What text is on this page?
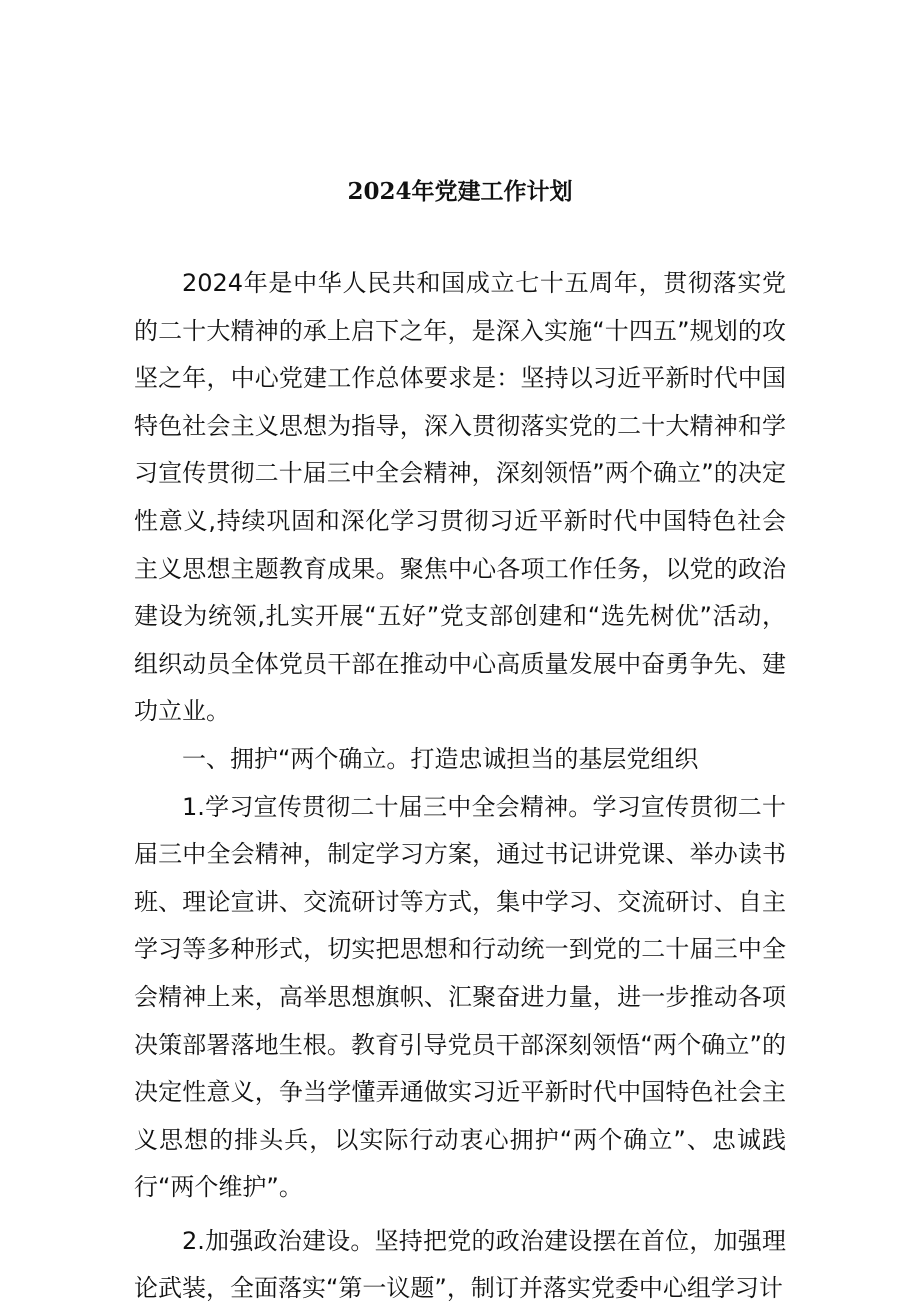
2024年党建工作计划

2024年是中华人民共和国成立七十五周年，贯彻落实党的二十大精神的承上启下之年，是深入实施“十四五”规划的攻坚之年，中心党建工作总体要求是：坚持以习近平新时代中国特色社会主义思想为指导，深入贯彻落实党的二十大精神和学习宣传贯彻二十届三中全会精神，深刻领悟”两个确立”的决定性意义,持续巩固和深化学习贯彻习近平新时代中国特色社会主义思想主题教育成果。聚焦中心各项工作任务，以党的政治建设为统领,扎实开展“五好”党支部创建和“选先树优”活动，组织动员全体党员干部在推动中心高质量发展中奋勇争先、建功立业。

一、拥护“两个确立。打造忠诚担当的基层党组织

1.学习宣传贯彻二十届三中全会精神。学习宣传贯彻二十届三中全会精神，制定学习方案，通过书记讲党课、举办读书班、理论宣讲、交流研讨等方式，集中学习、交流研讨、自主学习等多种形式，切实把思想和行动统一到党的二十届三中全会精神上来，高举思想旗帜、汇聚奋进力量，进一步推动各项决策部署落地生根。教育引导党员干部深刻领悟“两个确立”的决定性意义，争当学懂弄通做实习近平新时代中国特色社会主义思想的排头兵，以实际行动衷心拥护“两个确立”、忠诚践行“两个维护”。

2.加强政治建设。坚持把党的政治建设摆在首位，加强理论武装，全面落实“第一议题”，制订并落实党委中心组学习计
